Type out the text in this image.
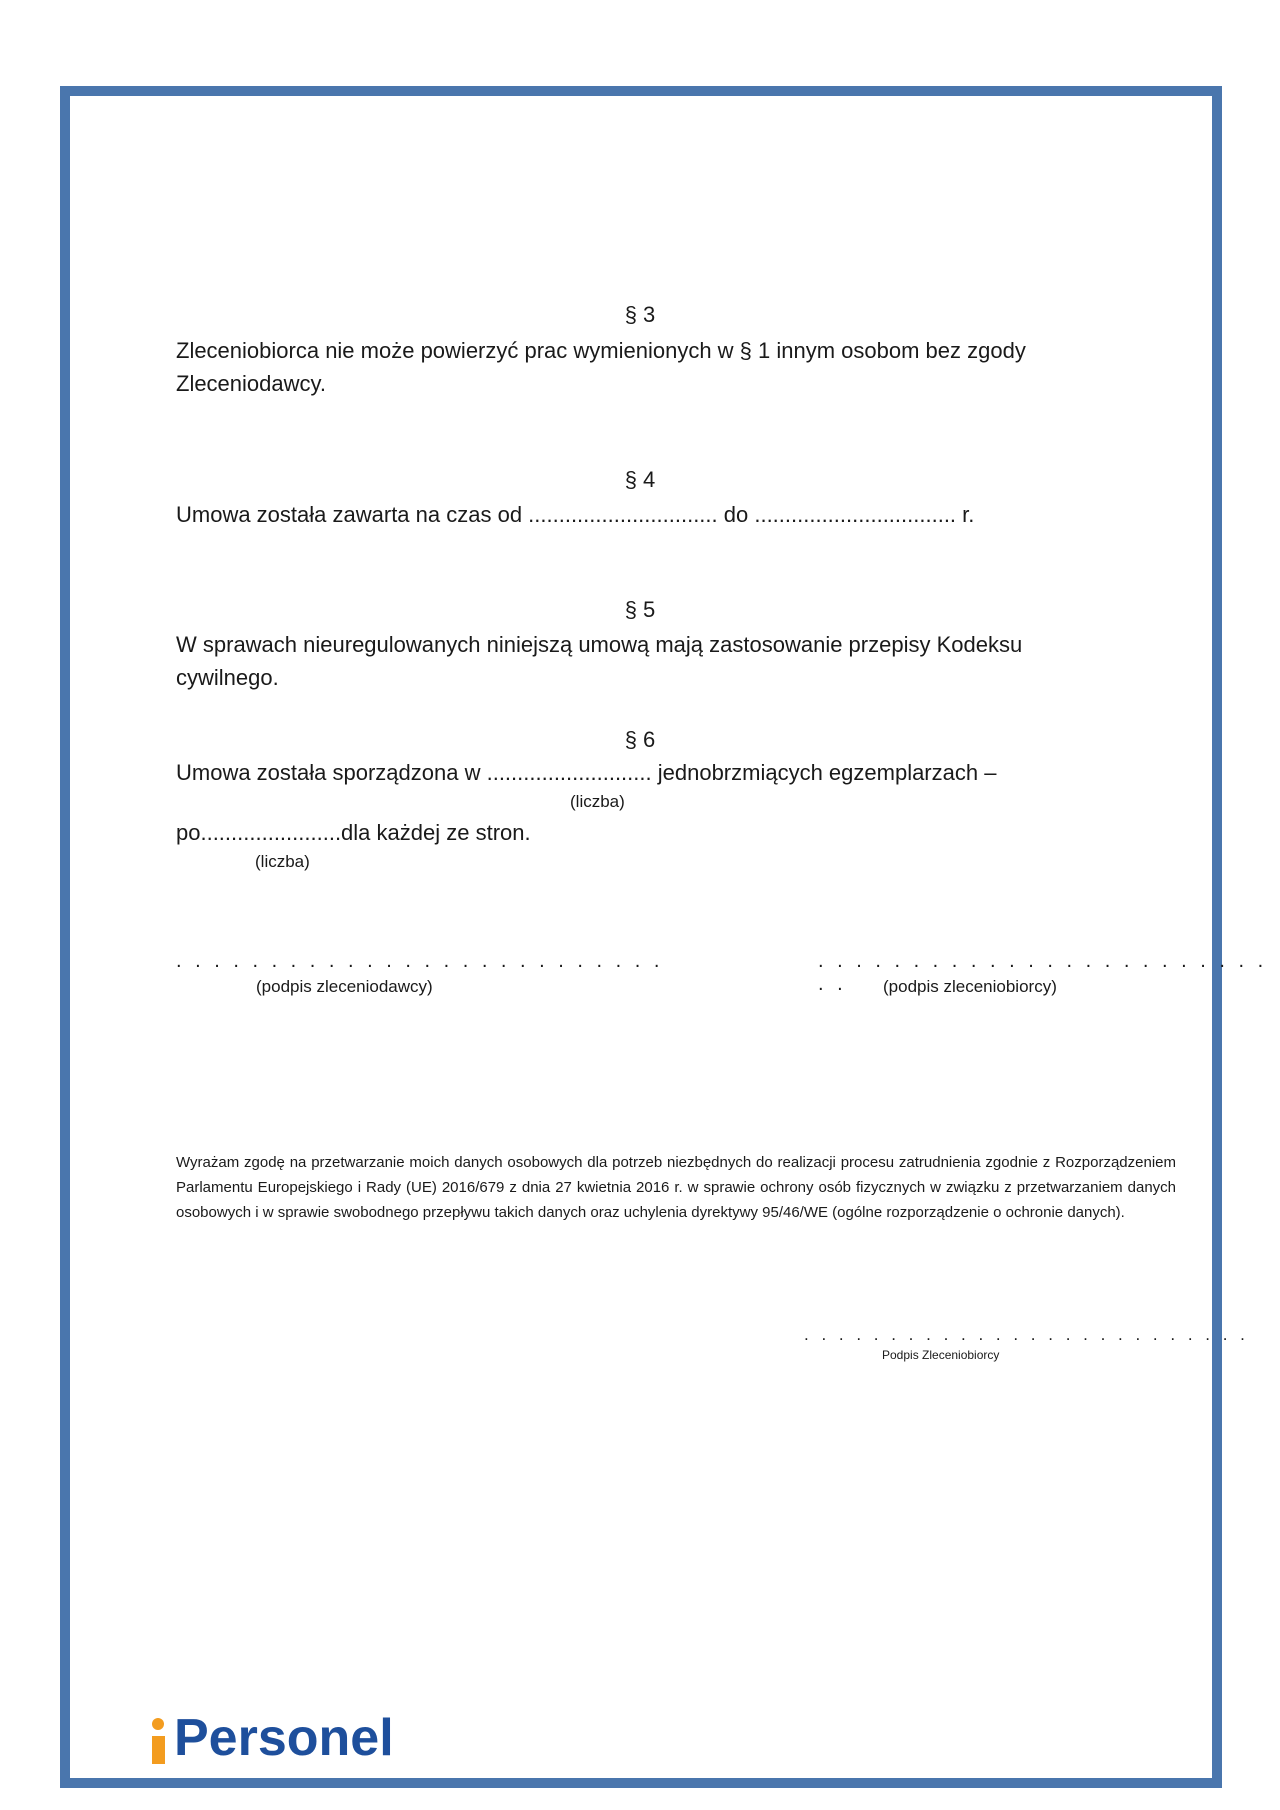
§ 3
Zleceniobiorca nie może powierzyć prac wymienionych w § 1 innym osobom bez zgody Zleceniodawcy.
§ 4
Umowa została zawarta na czas od ............................... do ................................. r.
§ 5
W sprawach nieuregulowanych niniejszą umową mają zastosowanie przepisy Kodeksu cywilnego.
§ 6
Umowa została sporządzona w ........................... jednobrzmiących egzemplarzach –
(liczba)
po.......................dla każdej ze stron.
(liczba)
. . . . . . . . . . . . . . . . . . . . . . . . . .
(podpis zleceniodawcy)
. . . . . . . . . . . . . . . . . . . . . . . . . .	(podpis zleceniobiorcy)
Wyrażam zgodę na przetwarzanie moich danych osobowych dla potrzeb niezbędnych do realizacji procesu zatrudnienia zgodnie z Rozporządzeniem Parlamentu Europejskiego i Rady (UE) 2016/679 z dnia 27 kwietnia 2016 r. w sprawie ochrony osób fizycznych w związku z przetwarzaniem danych osobowych i w sprawie swobodnego przepływu takich danych oraz uchylenia dyrektywy 95/46/WE (ogólne rozporządzenie o ochronie danych).
. . . . . . . . . . . . . . . . . . . . . . . . . .
Podpis Zleceniobiorcy
Personel
